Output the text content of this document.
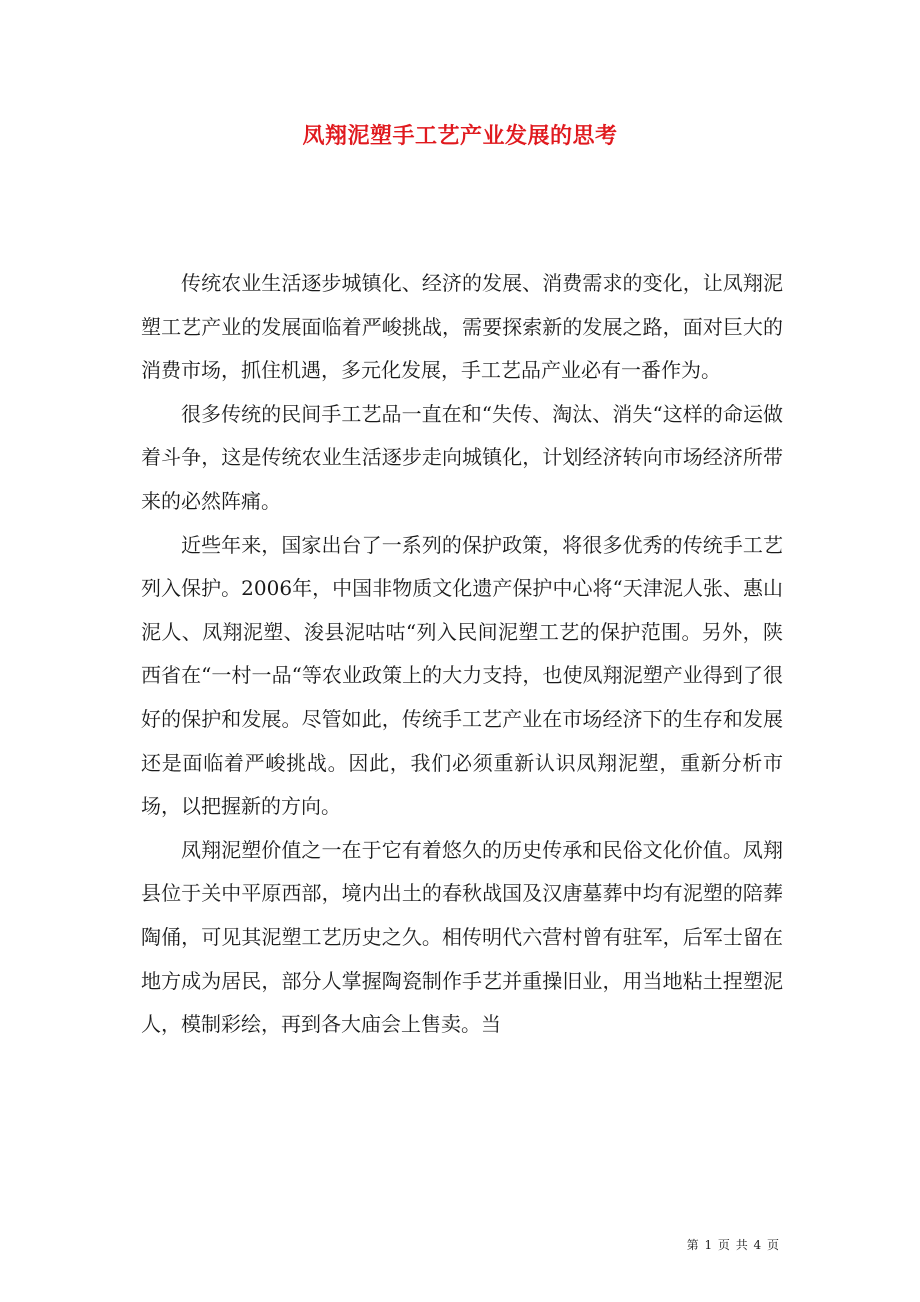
凤翔泥塑手工艺产业发展的思考

传统农业生活逐步城镇化、经济的发展、消费需求的变化，让凤翔泥塑工艺产业的发展面临着严峻挑战，需要探索新的发展之路，面对巨大的消费市场，抓住机遇，多元化发展，手工艺品产业必有一番作为。

很多传统的民间手工艺品一直在和“失传、淘汰、消失“这样的命运做着斗争，这是传统农业生活逐步走向城镇化，计划经济转向市场经济所带来的必然阵痛。

近些年来，国家出台了一系列的保护政策，将很多优秀的传统手工艺列入保护。2006年，中国非物质文化遗产保护中心将“天津泥人张、惠山泥人、凤翔泥塑、浚县泥咕咕“列入民间泥塑工艺的保护范围。另外，陕西省在“一村一品“等农业政策上的大力支持，也使凤翔泥塑产业得到了很好的保护和发展。尽管如此，传统手工艺产业在市场经济下的生存和发展还是面临着严峻挑战。因此，我们必须重新认识凤翔泥塑，重新分析市场，以把握新的方向。

凤翔泥塑价值之一在于它有着悠久的历史传承和民俗文化价值。凤翔县位于关中平原西部，境内出土的春秋战国及汉唐墓葬中均有泥塑的陪葬陶俑，可见其泥塑工艺历史之久。相传明代六营村曾有驻军，后军士留在地方成为居民，部分人掌握陶瓷制作手艺并重操旧业，用当地粘土捏塑泥人，模制彩绘，再到各大庙会上售卖。当

第 1 页 共 4 页
